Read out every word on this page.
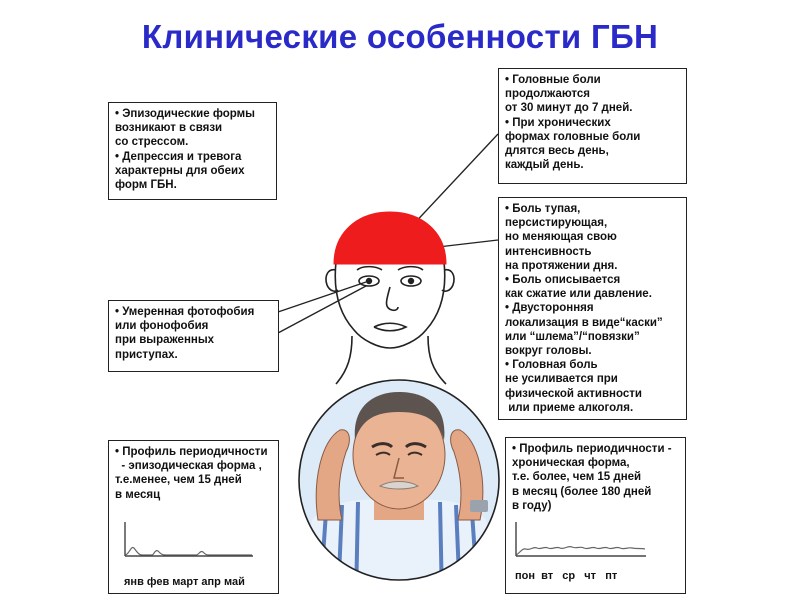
Клинические особенности ГБН

• Эпизодические формы

возникают в связи

со стрессом.

• Депрессия и тревога

характерны для обеих

форм ГБН.

• Головные боли

продолжаются

от 30 минут до 7 дней.

• При хронических

формах головные боли

длятся весь день,

каждый день.

• Боль тупая,

персистирующая,

но меняющая свою

интенсивность

на протяжении дня.

• Боль описывается

как сжатие или давление.

• Двусторонняя

локализация в виде“каски”

или “шлема”/“повязки”

вокруг головы.

• Головная боль

не усиливается при

физической активности

или приеме алкоголя.

• Умеренная фотофобия

или фонофобия

при выраженных

приступах.

• Профиль периодичности

- эпизодическая форма ,

т.е.менее, чем 15 дней

в месяц

• Профиль периодичности -

хроническая форма,

т.е. более, чем 15 дней

в месяц (более 180 дней

в году)

янв фев март апр май	пон  вт   ср   чт   пт
